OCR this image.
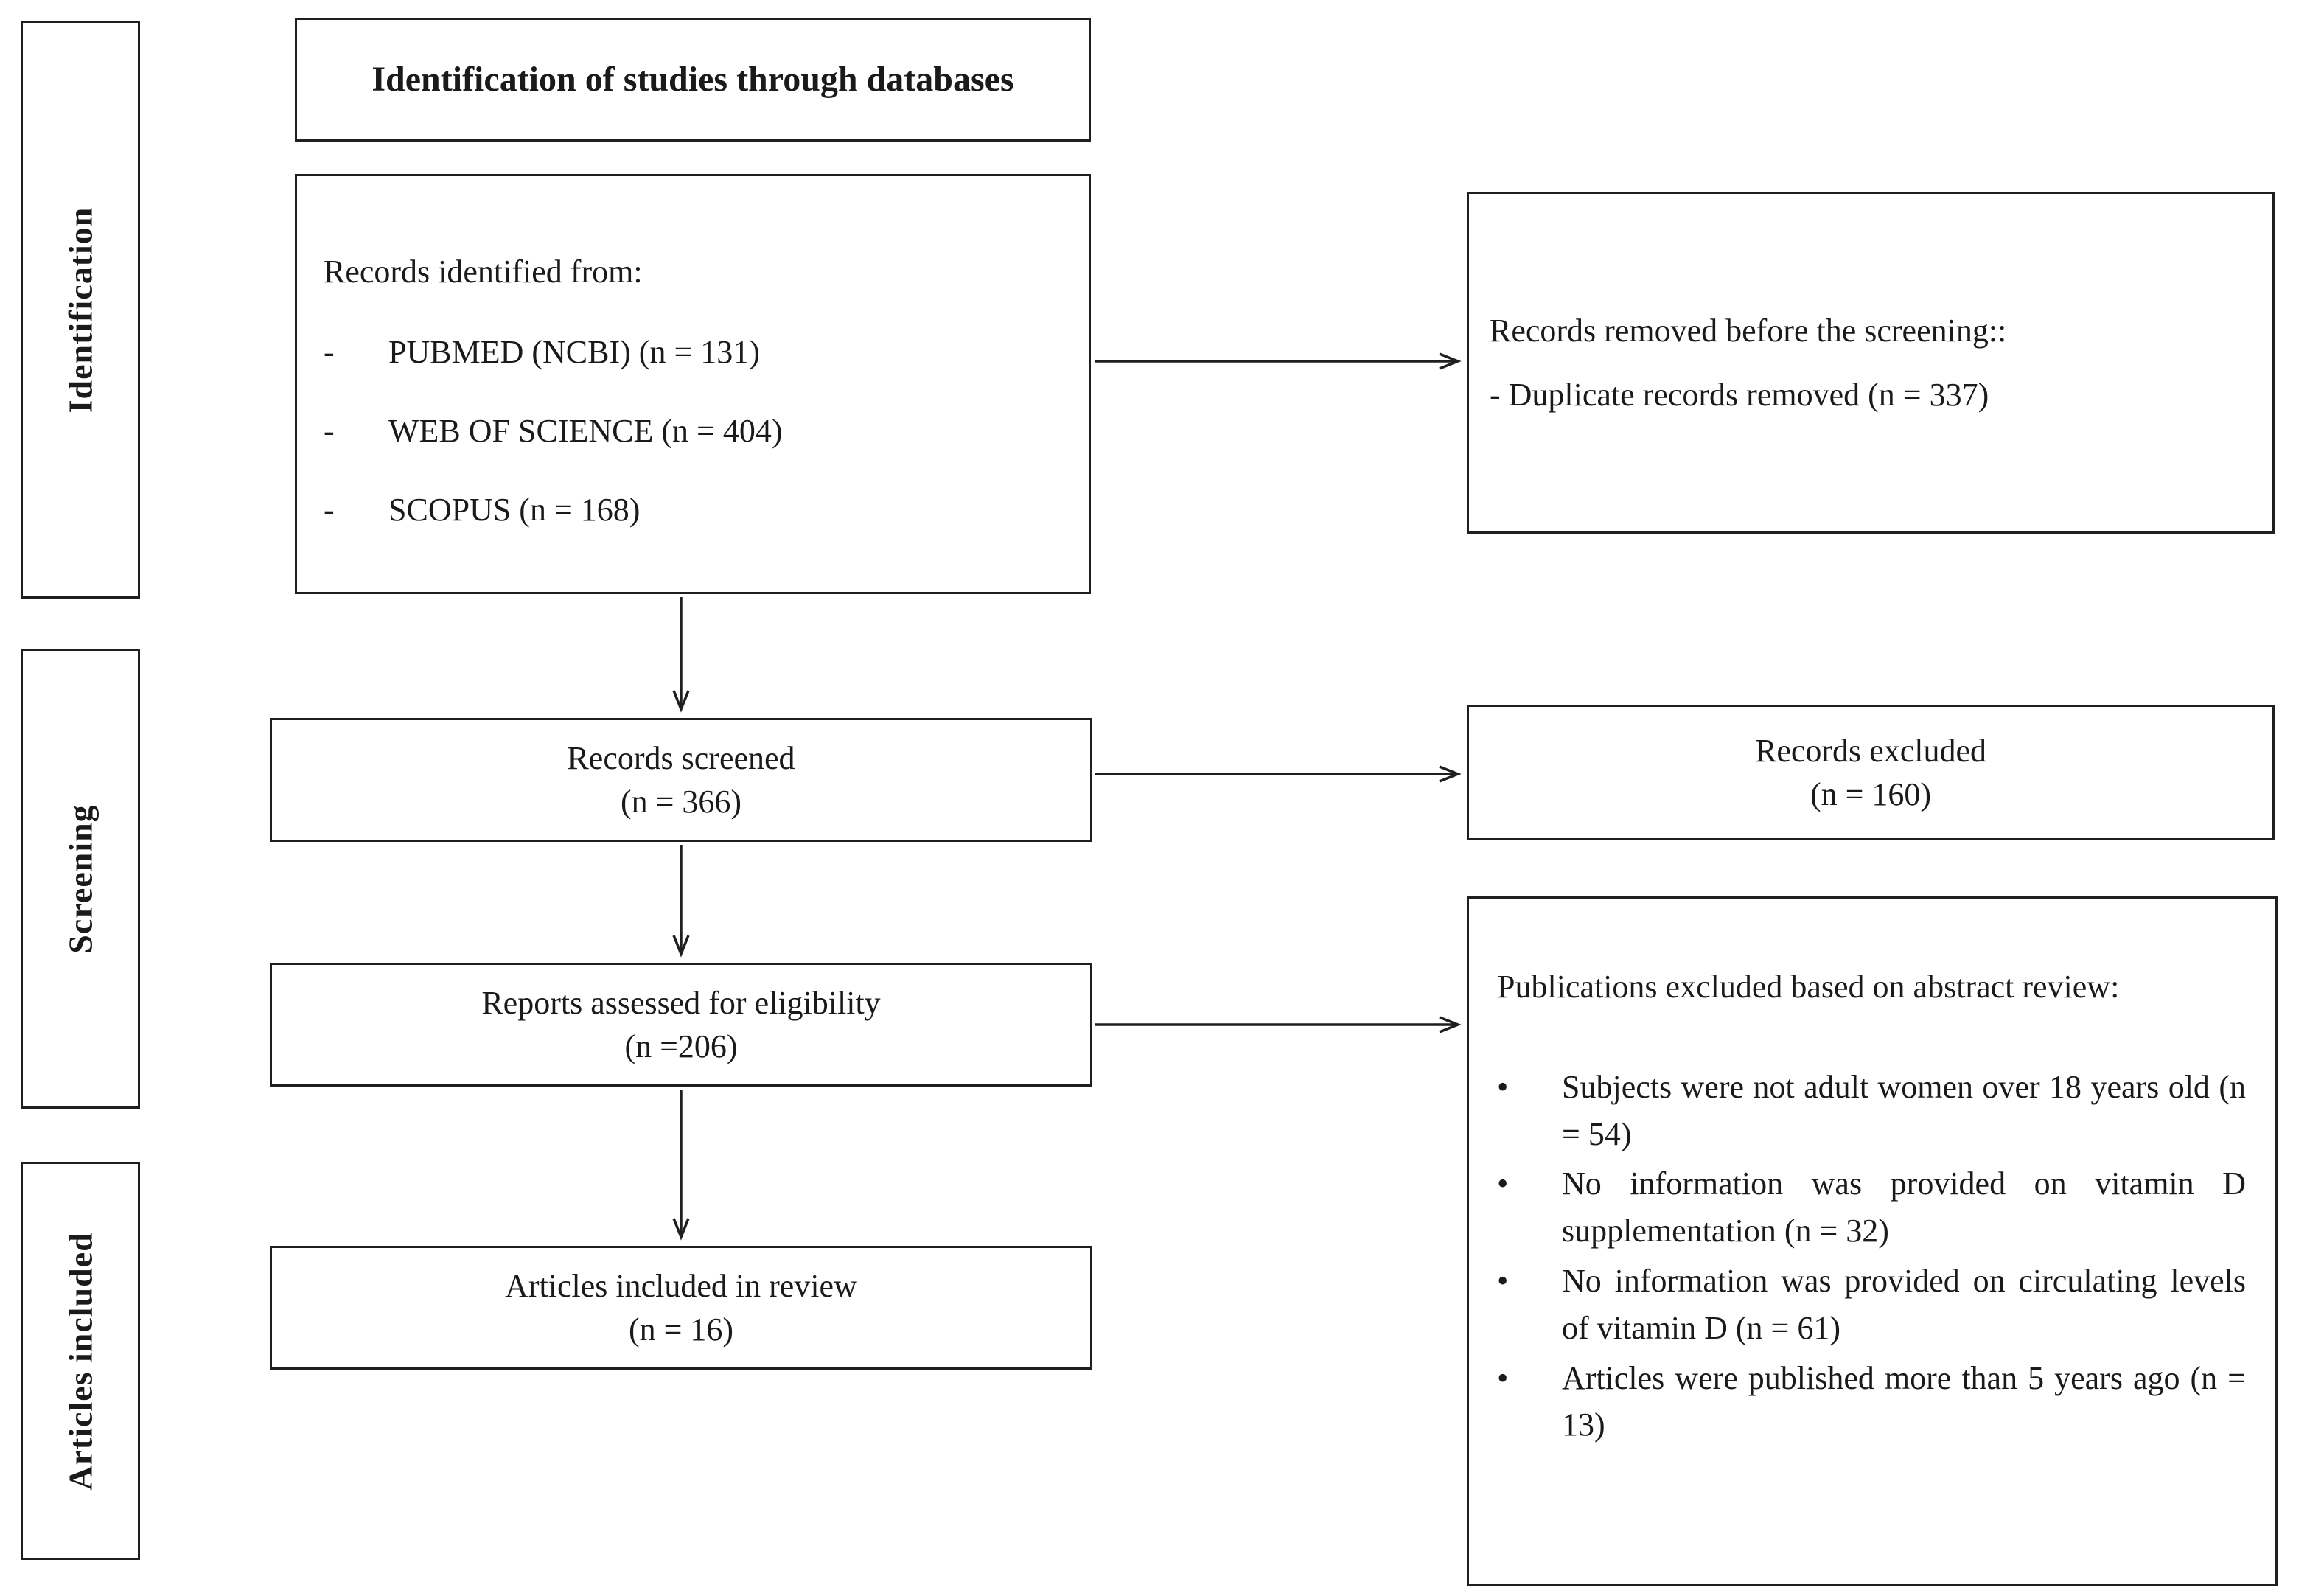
Identification
Screening
Articles included
Identification of studies through databases
Records identified from:
-	PUBMED (NCBI) (n = 131)
-	WEB OF SCIENCE (n = 404)
-	SCOPUS (n = 168)
Records removed before the screening::
- Duplicate records removed (n = 337)
Records screened
(n = 366)
Records excluded
(n = 160)
Reports assessed for eligibility
(n =206)
Publications excluded based on abstract review:
•	Subjects were not adult women over 18 years old (n = 54)
•	No information was provided on vitamin D supplementation (n = 32)
•	No information was provided on circulating levels of vitamin D (n = 61)
•	Articles were published more than 5 years ago (n = 13)
Articles included in review
(n = 16)
